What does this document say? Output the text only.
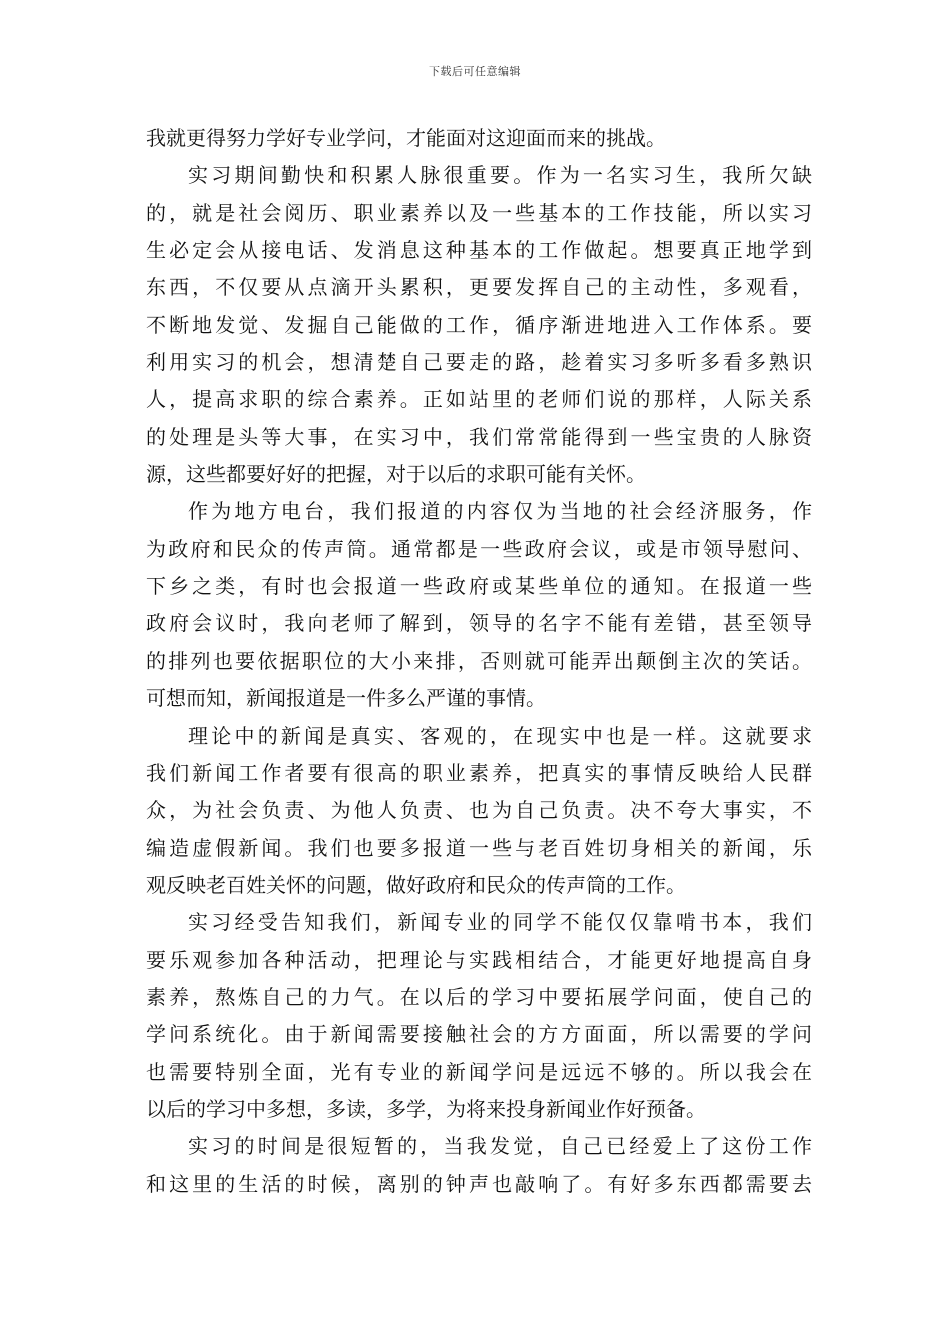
下载后可任意编辑
我就更得努力学好专业学问，才能面对这迎面而来的挑战。
实习期间勤快和积累人脉很重要。作为一名实习生，我所欠缺
的，就是社会阅历、职业素养以及一些基本的工作技能，所以实习
生必定会从接电话、发消息这种基本的工作做起。想要真正地学到
东西，不仅要从点滴开头累积，更要发挥自己的主动性，多观看，
不断地发觉、发掘自己能做的工作，循序渐进地进入工作体系。要
利用实习的机会，想清楚自己要走的路，趁着实习多听多看多熟识
人，提高求职的综合素养。正如站里的老师们说的那样，人际关系
的处理是头等大事，在实习中，我们常常能得到一些宝贵的人脉资
源，这些都要好好的把握，对于以后的求职可能有关怀。
作为地方电台，我们报道的内容仅为当地的社会经济服务，作
为政府和民众的传声筒。通常都是一些政府会议，或是市领导慰问、
下乡之类，有时也会报道一些政府或某些单位的通知。在报道一些
政府会议时，我向老师了解到，领导的名字不能有差错，甚至领导
的排列也要依据职位的大小来排，否则就可能弄出颠倒主次的笑话。
可想而知，新闻报道是一件多么严谨的事情。
理论中的新闻是真实、客观的，在现实中也是一样。这就要求
我们新闻工作者要有很高的职业素养，把真实的事情反映给人民群
众，为社会负责、为他人负责、也为自己负责。决不夸大事实，不
编造虚假新闻。我们也要多报道一些与老百姓切身相关的新闻，乐
观反映老百姓关怀的问题，做好政府和民众的传声筒的工作。
实习经受告知我们，新闻专业的同学不能仅仅靠啃书本，我们
要乐观参加各种活动，把理论与实践相结合，才能更好地提高自身
素养，熬炼自己的力气。在以后的学习中要拓展学问面，使自己的
学问系统化。由于新闻需要接触社会的方方面面，所以需要的学问
也需要特别全面，光有专业的新闻学问是远远不够的。所以我会在
以后的学习中多想，多读，多学，为将来投身新闻业作好预备。
实习的时间是很短暂的，当我发觉，自己已经爱上了这份工作
和这里的生活的时候，离别的钟声也敲响了。有好多东西都需要去
